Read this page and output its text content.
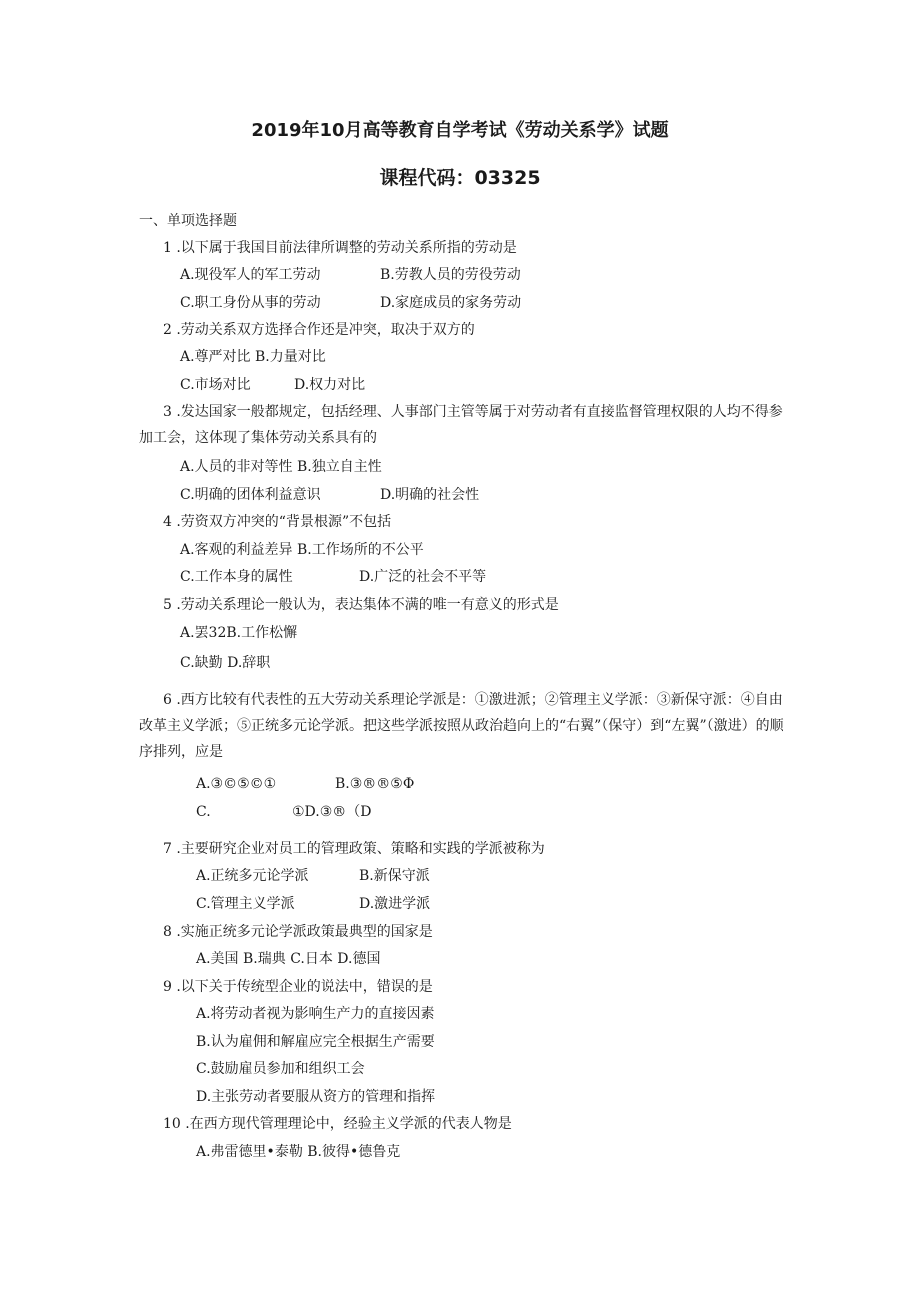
2019年10月高等教育自学考试《劳动关系学》试题
课程代码：03325
一、单项选择题
1 .以下属于我国目前法律所调整的劳动关系所指的劳动是
A.现役军人的军工劳动	B.劳教人员的劳役劳动
C.职工身份从事的劳动	D.家庭成员的家务劳动
2 .劳动关系双方选择合作还是冲突，取决于双方的
A.尊严对比 B.力量对比
C.市场对比	D.权力对比
3 .发达国家一般都规定，包括经理、人事部门主管等属于对劳动者有直接监督管理权限的人均不得参加工会，这体现了集体劳动关系具有的
A.人员的非对等性 B.独立自主性
C.明确的团体利益意识	D.明确的社会性
4 .劳资双方冲突的“背景根源”不包括
A.客观的利益差异 B.工作场所的不公平
C.工作本身的属性	D.广泛的社会不平等
5 .劳动关系理论一般认为，表达集体不满的唯一有意义的形式是
A.罢32B.工作松懈
C.缺勤 D.辞职
6 .西方比较有代表性的五大劳动关系理论学派是：①激进派；②管理主义学派：③新保守派：④自由改革主义学派；⑤正统多元论学派。把这些学派按照从政治趋向上的“右翼”（保守）到“左翼”（激进）的顺序排列，应是
A.③©⑤©①	B.③®®⑤Φ
C.	①D.③®（D
7 .主要研究企业对员工的管理政策、策略和实践的学派被称为
A.正统多元论学派	B.新保守派
C.管理主义学派	D.激进学派
8 .实施正统多元论学派政策最典型的国家是
A.美国 B.瑞典 C.日本 D.德国
9 .以下关于传统型企业的说法中，错误的是
A.将劳动者视为影响生产力的直接因素
B.认为雇佣和解雇应完全根据生产需要
C.鼓励雇员参加和组织工会
D.主张劳动者要服从资方的管理和指挥
10 .在西方现代管理理论中，经验主义学派的代表人物是
A.弗雷德里•泰勒 B.彼得•德鲁克
